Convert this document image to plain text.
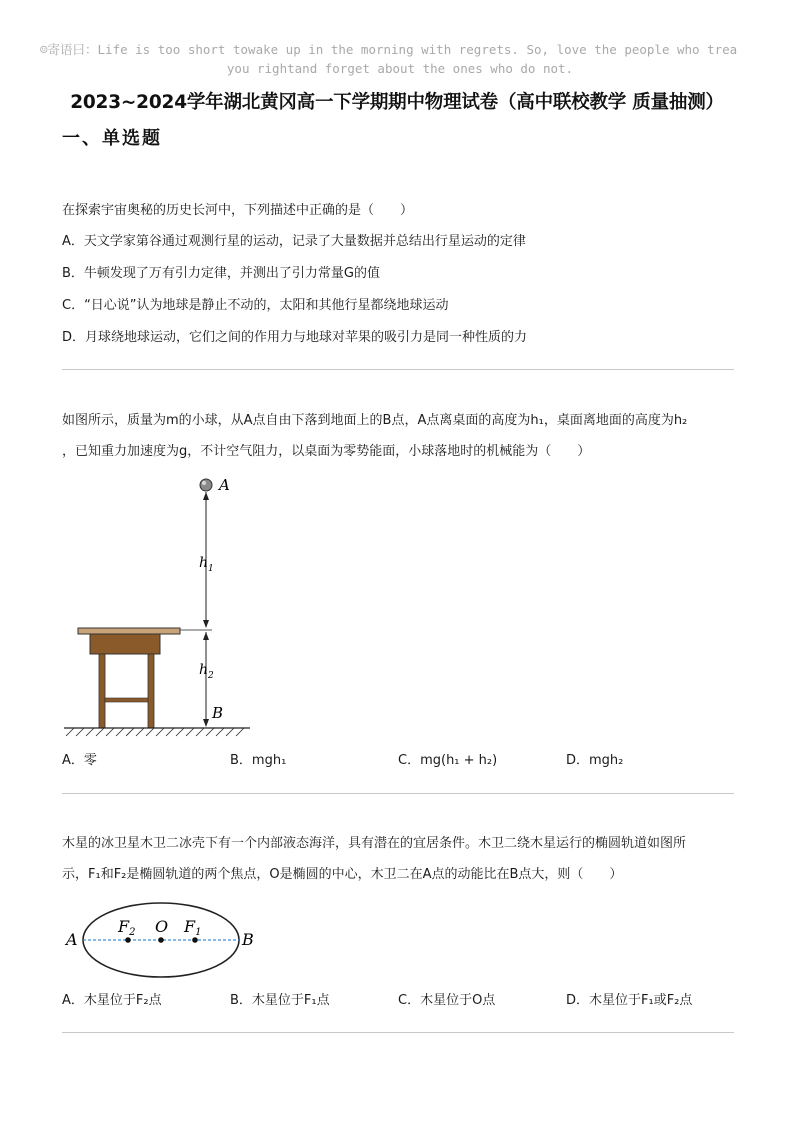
☺寄语曰：Life is too short towake up in the morning with regrets. So, love the people who trea
you rightand forget about the ones who do not.
2023~2024学年湖北黄冈高一下学期期中物理试卷（高中联校教学 质量抽测）
一、单选题
在探索宇宙奥秘的历史长河中，下列描述中正确的是（　　）
A．天文学家第谷通过观测行星的运动，记录了大量数据并总结出行星运动的定律
B．牛顿发现了万有引力定律，并测出了引力常量G的值
C．“日心说”认为地球是静止不动的，太阳和其他行星都绕地球运动
D．月球绕地球运动，它们之间的作用力与地球对苹果的吸引力是同一种性质的力
如图所示，质量为m的小球，从A点自由下落到地面上的B点，A点离桌面的高度为h₁，桌面离地面的高度为h₂
，已知重力加速度为g，不计空气阻力，以桌面为零势能面，小球落地时的机械能为（　　）
A
$h_1$
$h_2$
B
A．零	B．mgh₁	C．mg(h₁ + h₂)	D．mgh₂
木星的冰卫星木卫二冰壳下有一个内部液态海洋，具有潜在的宜居条件。木卫二绕木星运行的椭圆轨道如图所
示，F₁和F₂是椭圆轨道的两个焦点，O是椭圆的中心，木卫二在A点的动能比在B点大，则（　　）
A	B
F2 O F1
A．木星位于F₂点	B．木星位于F₁点	C．木星位于O点	D．木星位于F₁或F₂点
